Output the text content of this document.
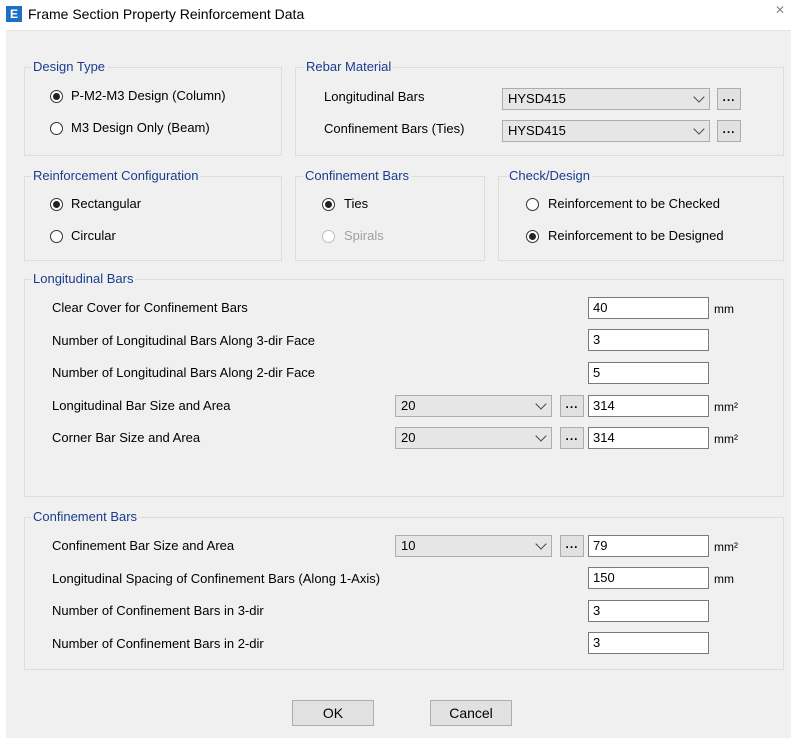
E Frame Section Property Reinforcement Data	✕
Design Type
P-M2-M3 Design (Column)
M3 Design Only (Beam)
Rebar Material
Longitudinal Bars	HYSD415	...
Confinement Bars (Ties)	HYSD415	...
Reinforcement Configuration
Rectangular
Circular
Confinement Bars
Ties
Spirals
Check/Design
Reinforcement to be Checked
Reinforcement to be Designed
Longitudinal Bars
Clear Cover for Confinement Bars	40	mm
Number of Longitudinal Bars Along 3-dir Face	3
Number of Longitudinal Bars Along 2-dir Face	5
Longitudinal Bar Size and Area	20	...	314	mm²
Corner Bar Size and Area	20	...	314	mm²
Confinement Bars
Confinement Bar Size and Area	10	...	79	mm²
Longitudinal Spacing of Confinement Bars (Along 1-Axis)	150	mm
Number of Confinement Bars in 3-dir	3
Number of Confinement Bars in 2-dir	3
OK	Cancel
